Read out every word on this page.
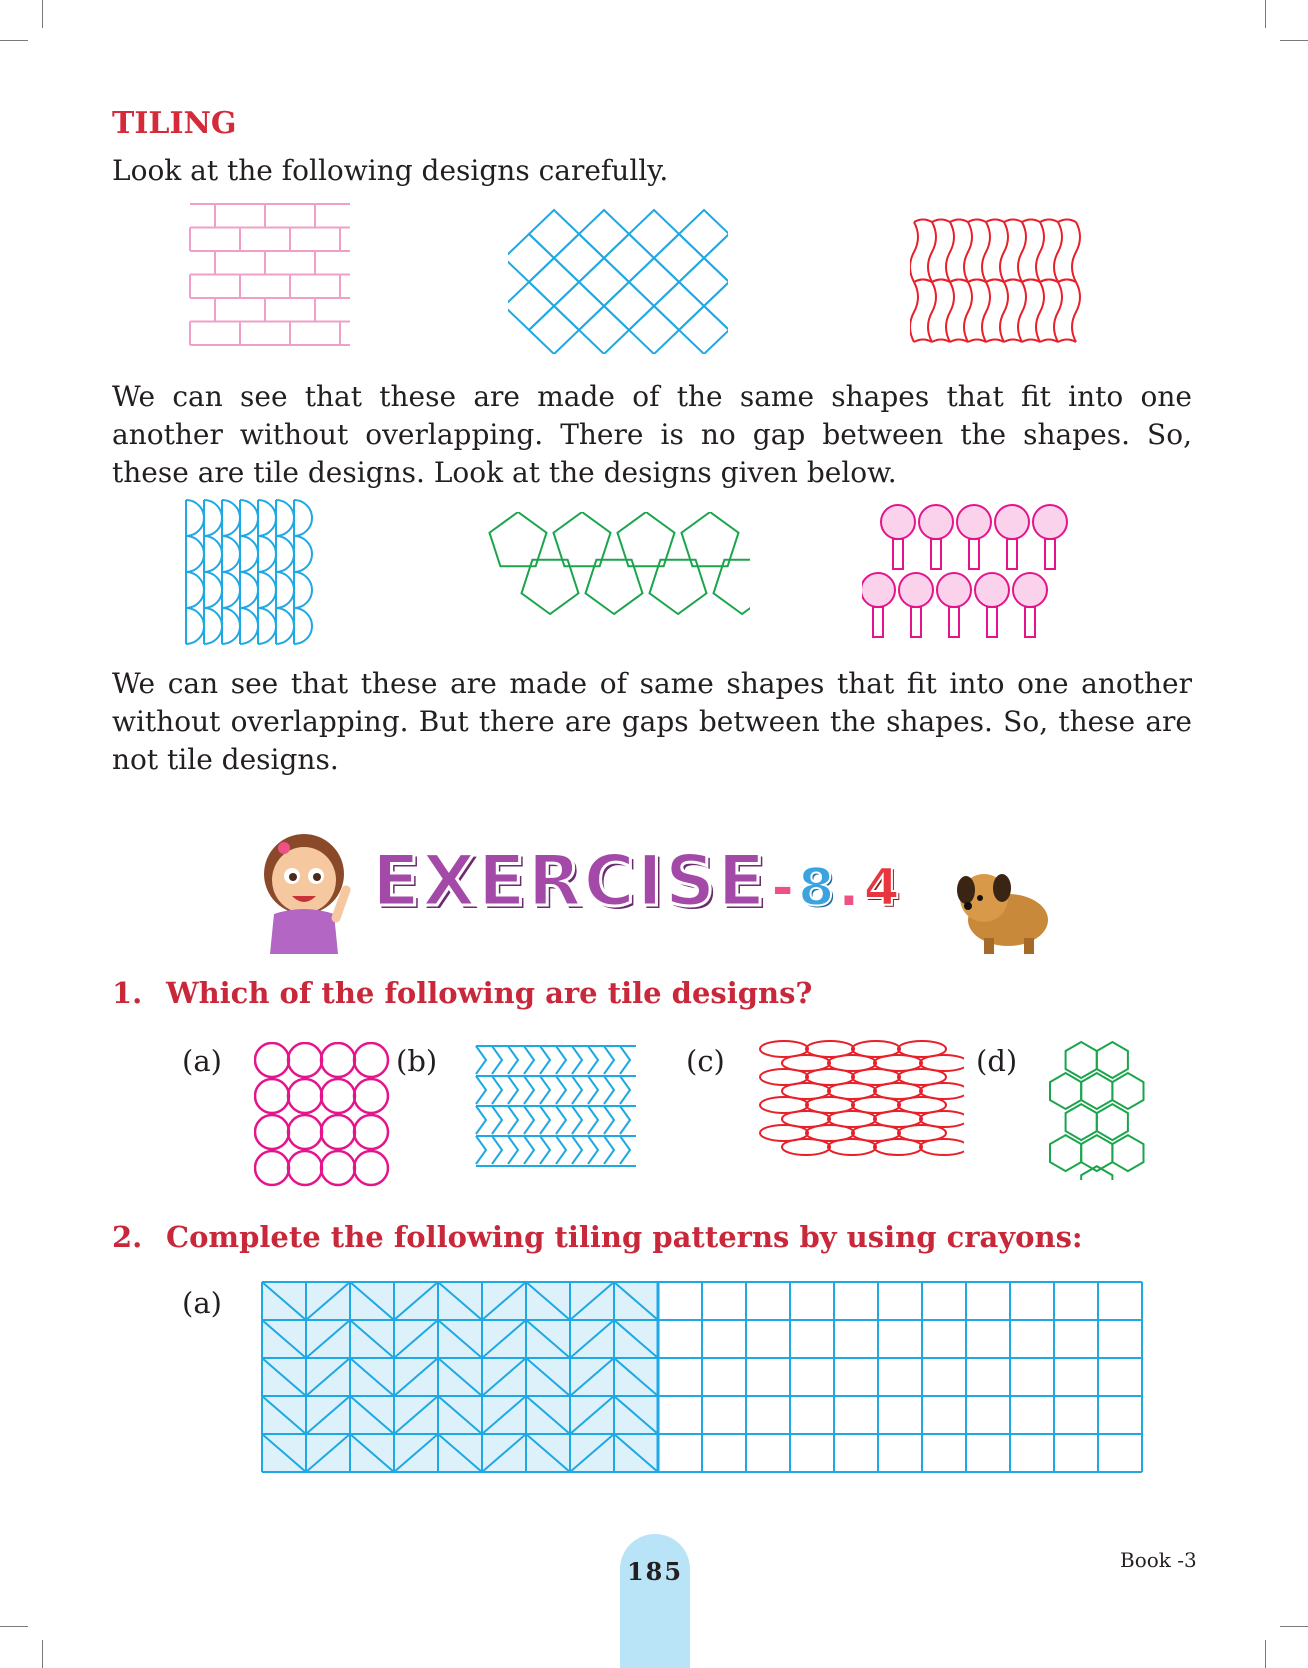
TILING
Look at the following designs carefully.
We can see that these are made of the same shapes that fit into one another without overlapping. There is no gap between the shapes. So, these are tile designs. Look at the designs given below.
We can see that these are made of same shapes that fit into one another without overlapping. But there are gaps between the shapes. So, these are not tile designs.
EXERCISE - 8 . 4
1. Which of the following are tile designs?
(a)	(b)	(c)	(d)
2. Complete the following tiling patterns by using crayons:
(a)
185	Book -3
